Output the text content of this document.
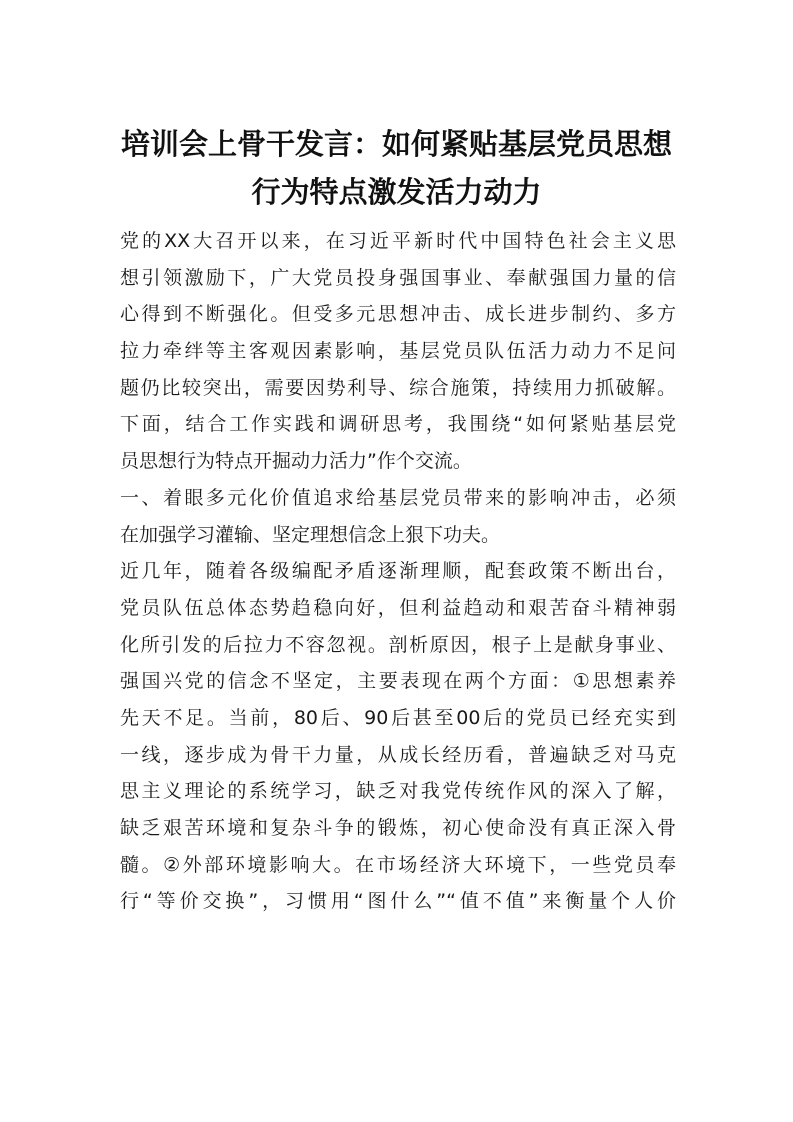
培训会上骨干发言：如何紧贴基层党员思想
行为特点激发活力动力
党的XX大召开以来，在习近平新时代中国特色社会主义思
想引领激励下，广大党员投身强国事业、奉献强国力量的信
心得到不断强化。但受多元思想冲击、成长进步制约、多方
拉力牵绊等主客观因素影响，基层党员队伍活力动力不足问
题仍比较突出，需要因势利导、综合施策，持续用力抓破解。
下面，结合工作实践和调研思考，我围绕“如何紧贴基层党
员思想行为特点开掘动力活力”作个交流。
一、着眼多元化价值追求给基层党员带来的影响冲击，必须
在加强学习灌输、坚定理想信念上狠下功夫。
近几年，随着各级编配矛盾逐渐理顺，配套政策不断出台，
党员队伍总体态势趋稳向好，但利益趋动和艰苦奋斗精神弱
化所引发的后拉力不容忽视。剖析原因，根子上是献身事业、
强国兴党的信念不坚定，主要表现在两个方面：①思想素养
先天不足。当前，80后、90后甚至00后的党员已经充实到
一线，逐步成为骨干力量，从成长经历看，普遍缺乏对马克
思主义理论的系统学习，缺乏对我党传统作风的深入了解，
缺乏艰苦环境和复杂斗争的锻炼，初心使命没有真正深入骨
髓。②外部环境影响大。在市场经济大环境下，一些党员奉
行“等价交换”，习惯用“图什么”“值不值”来衡量个人价
